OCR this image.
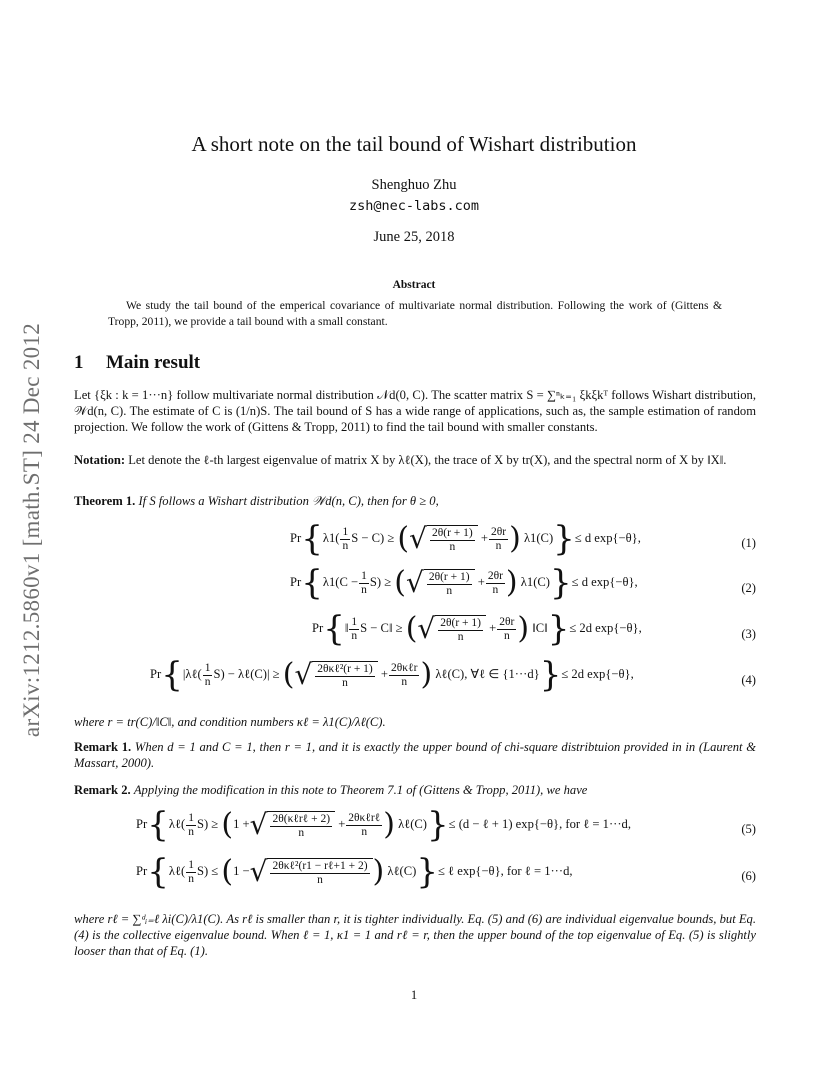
arXiv:1212.5860v1 [math.ST] 24 Dec 2012
A short note on the tail bound of Wishart distribution
Shenghuo Zhu
zsh@nec-labs.com
June 25, 2018
Abstract
We study the tail bound of the emperical covariance of multivariate normal distribution. Following the work of (Gittens & Tropp, 2011), we provide a tail bound with a small constant.
1 Main result
Let {ξk : k = 1···n} follow multivariate normal distribution 𝒩d(0, C). The scatter matrix S = ∑ⁿₖ₌₁ ξkξkᵀ follows Wishart distribution, 𝒲d(n, C). The estimate of C is (1/n)S. The tail bound of S has a wide range of applications, such as, the sample estimation of random projection. We follow the work of (Gittens & Tropp, 2011) to find the tail bound with smaller constants.
Notation: Let denote the ℓ-th largest eigenvalue of matrix X by λℓ(X), the trace of X by tr(X), and the spectral norm of X by ‖X‖.
Theorem 1. If S follows a Wishart distribution 𝒲d(n, C), then for θ ≥ 0,
$Pr\{\lambda 1( \frac{1}{n}$ S − C) ≥ (√ $\frac{2\theta(r + 1)}{n} + \frac{2\theta r}{n}$ ) λ1(C)}≤ d exp{−θ},	(1)
$Pr\{\lambda 1(C - \frac{1}{n} S)$ ≥ (√ $\frac{2\theta(r + 1)}{n} + \frac{2\theta r}{n}$ ) λ1(C)}≤ d exp{−θ},	(2)
Pr{‖ $\frac{1}{n}$ S − C‖ ≥ (√ $\frac{2\theta(r + 1)}{n} + \frac{2\theta r}{n}$ ) ‖C‖}≤ 2d exp{−θ},	(3)
Pr{|λℓ( $\frac{1}{n} S$) − λℓ(C)| ≥ (√ $\frac{\text{2θκℓ²(r + 1)}}{n} + \frac{\text{2θκℓr}}{n}$ ) λℓ(C), ∀ℓ ∈ {1···d}}≤ 2d exp{−θ},	(4)
where r = tr(C)/‖C‖, and condition numbers κℓ = λ1(C)/λℓ(C).
Remark 1. When d = 1 and C = 1, then r = 1, and it is exactly the upper bound of chi-square distribtuion provided in in (Laurent & Massart, 2000).
Remark 2. Applying the modification in this note to Theorem 7.1 of (Gittens & Tropp, 2011), we have
Pr{λℓ( $\frac{1}{n} S) \ge (1$ +√ $\frac{\text{2θ(κℓrℓ + 2)}}{n} + \frac{\text{2θκℓrℓ}}{n}$ ) λℓ(C)}≤ (d − ℓ + 1) exp{−θ}, for ℓ = 1···d,	(5)
Pr{λℓ( $\frac{1}{n} S) \le (1$ −√ $\frac{\text{2θκℓ²(r1 − rℓ+1 + 2)}}{n}$ ) λℓ(C)}≤ ℓ exp{−θ}, for ℓ = 1···d,	(6)
where rℓ = ∑ᵈᵢ₌ℓ λi(C)/λ1(C). As rℓ is smaller than r, it is tighter individually. Eq. (5) and (6) are individual eigenvalue bounds, but Eq. (4) is the collective eigenvalue bound. When ℓ = 1, κ1 = 1 and rℓ = r, then the upper bound of the top eigenvalue of Eq. (5) is slightly looser than that of Eq. (1).
1
